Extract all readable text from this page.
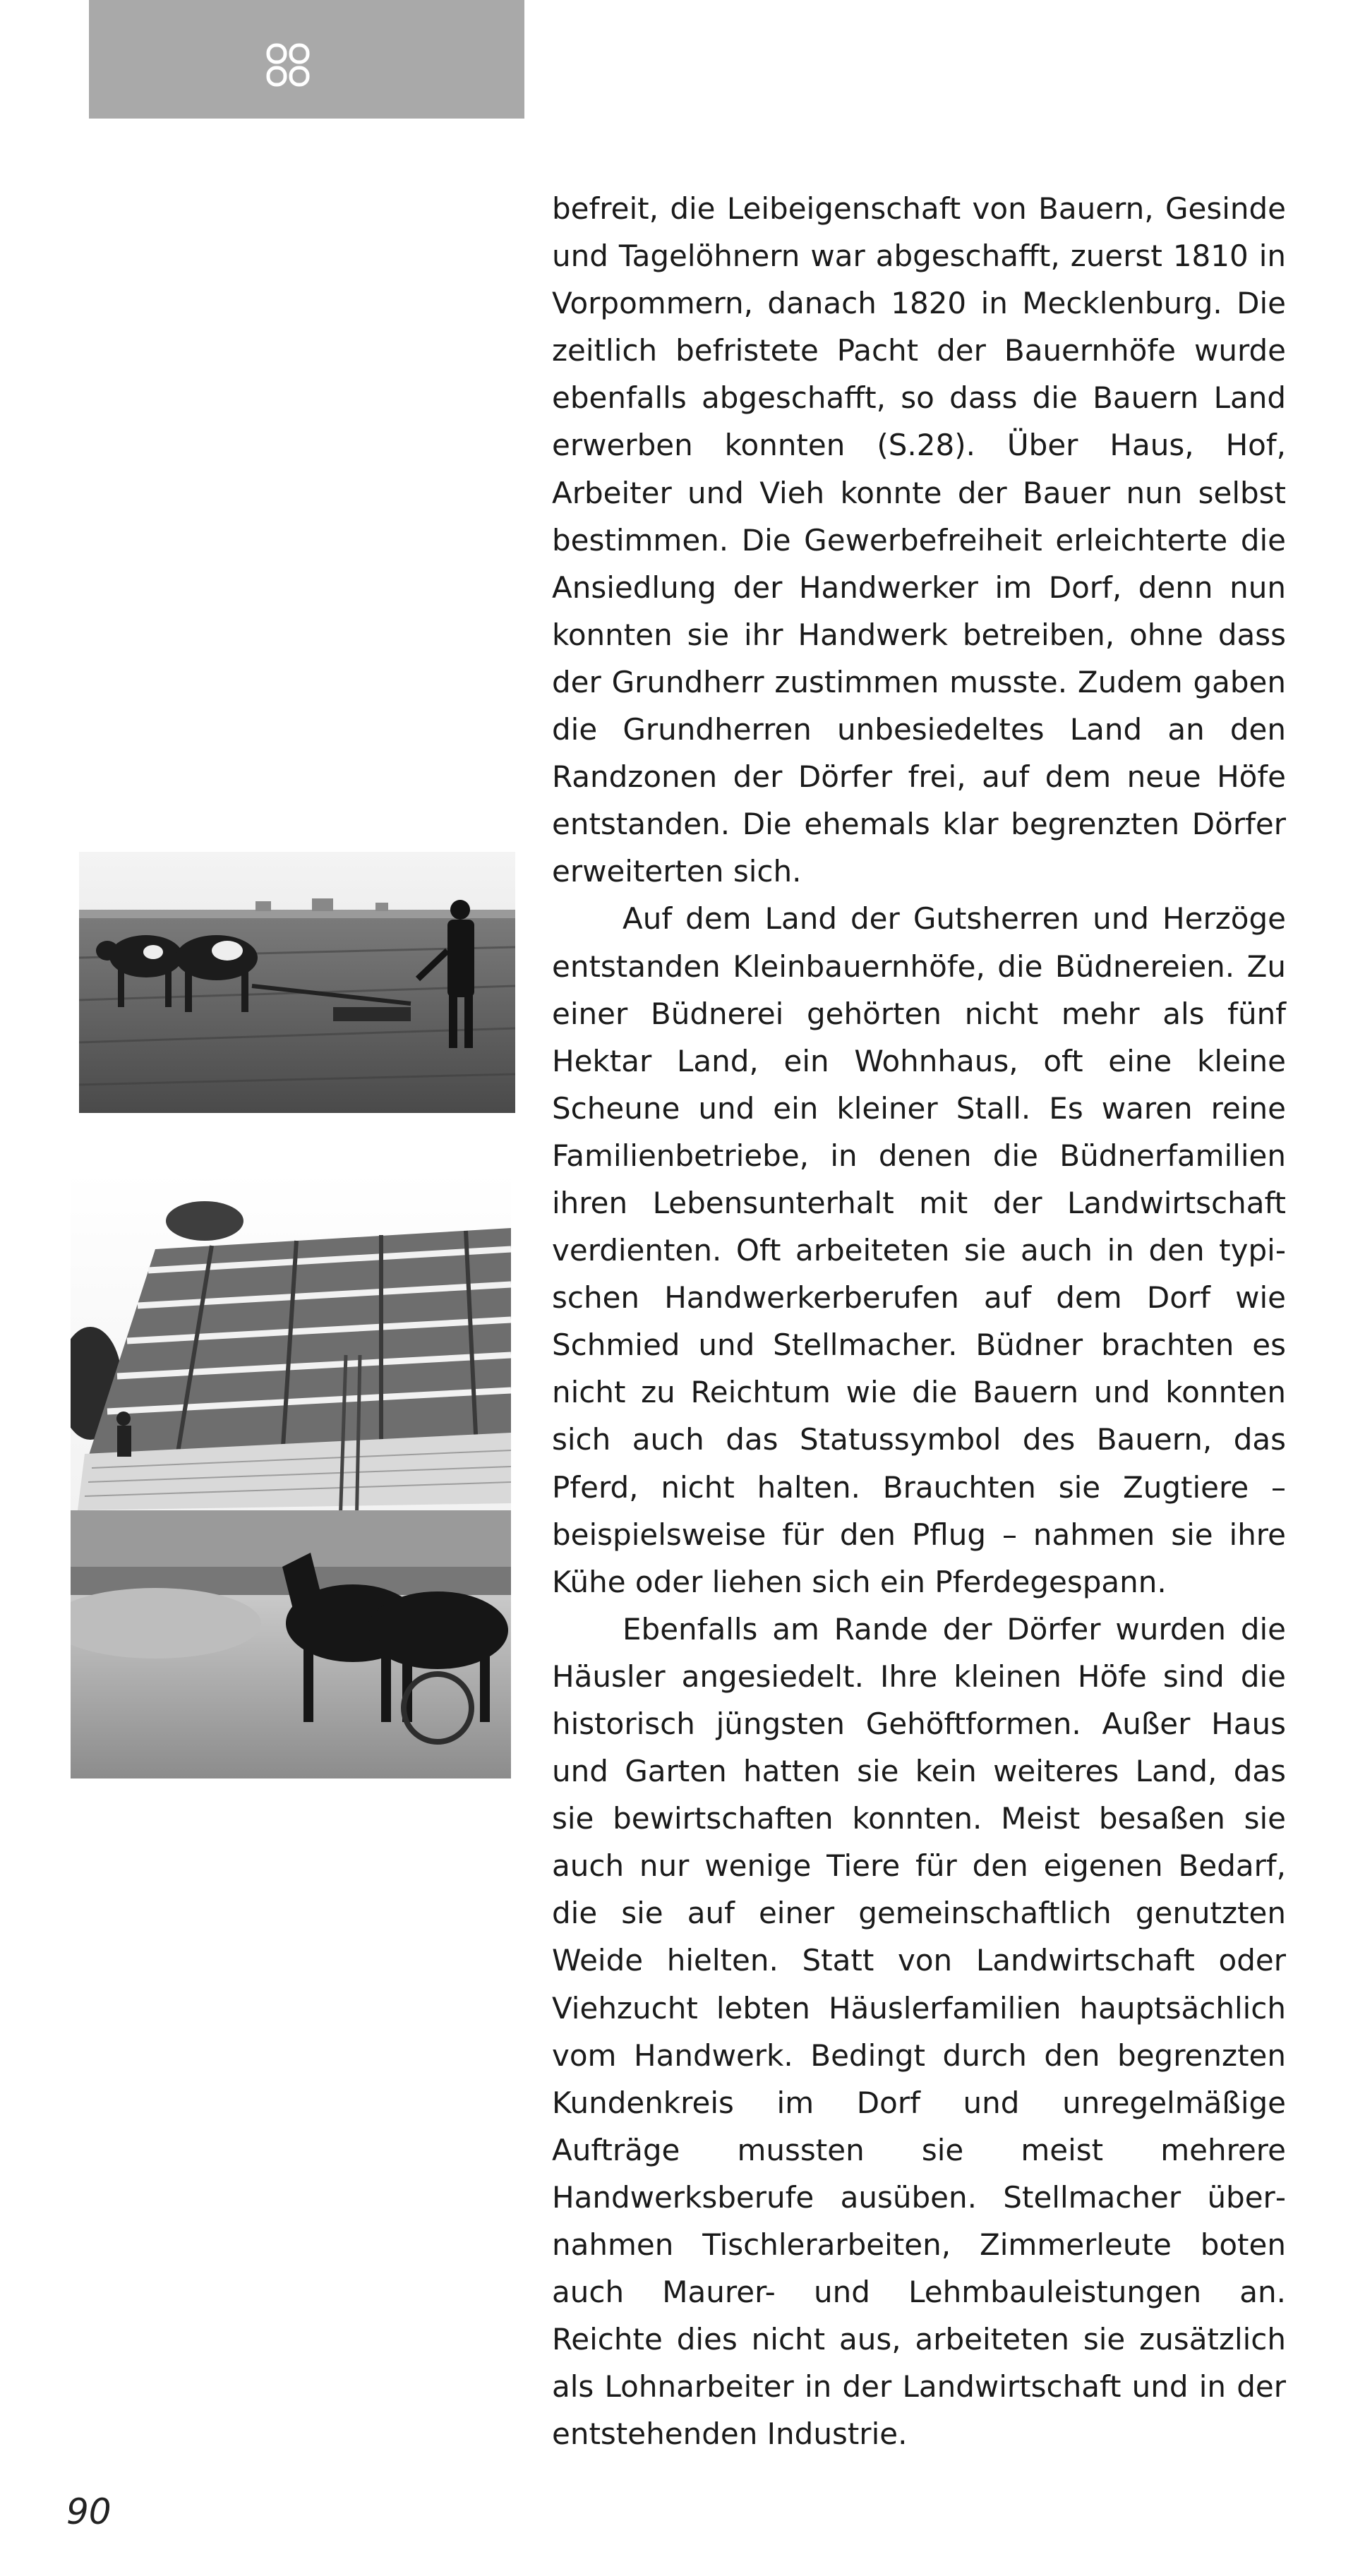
befreit, die Leibeigenschaft von Bauern, Gesinde und Tagelöhnern war abgeschafft, zuerst 1810 in Vorpommern, danach 1820 in Mecklenburg. Die zeitlich befristete Pacht der Bauernhöfe wurde ebenfalls abgeschafft, so dass die Bauern Land erwerben konnten (S.28). Über Haus, Hof, Arbeiter und Vieh konnte der Bauer nun selbst bestimmen. Die Gewerbefreiheit erleichterte die Ansiedlung der Handwerker im Dorf, denn nun konnten sie ihr Handwerk betreiben, ohne dass der Grundherr zustimmen musste. Zudem gaben die Grundherren unbesiedeltes Land an den Randzonen der Dörfer frei, auf dem neue Höfe entstanden. Die ehemals klar begrenzten Dörfer erweiterten sich.

Auf dem Land der Gutsherren und Herzöge entstanden Kleinbauernhöfe, die Büdnereien. Zu einer Büdnerei gehörten nicht mehr als fünf Hektar Land, ein Wohnhaus, oft eine kleine Scheune und ein kleiner Stall. Es waren reine Familienbetriebe, in denen die Büdnerfamilien ihren Lebensunterhalt mit der Landwirtschaft verdienten. Oft arbeiteten sie auch in den typischen Handwerkerberufen auf dem Dorf wie Schmied und Stellmacher. Büdner brachten es nicht zu Reichtum wie die Bauern und konnten sich auch das Statussymbol des Bauern, das Pferd, nicht halten. Brauchten sie Zugtiere – beispielsweise für den Pflug – nahmen sie ihre Kühe oder liehen sich ein Pferdegespann.

Ebenfalls am Rande der Dörfer wurden die Häusler angesiedelt. Ihre kleinen Höfe sind die historisch jüngsten Gehöftformen. Außer Haus und Garten hatten sie kein weiteres Land, das sie bewirtschaften konnten. Meist besaßen sie auch nur wenige Tiere für den eigenen Bedarf, die sie auf einer gemeinschaftlich genutzten Weide hielten. Statt von Landwirtschaft oder Viehzucht lebten Häuslerfamilien hauptsächlich vom Handwerk. Bedingt durch den begrenzten Kundenkreis im Dorf und unregelmäßige Aufträge mussten sie meist mehrere Handwerksberufe ausüben. Stellmacher übernahmen Tischlerarbeiten, Zimmerleute boten auch Maurer- und Lehmbauleistungen an. Reichte dies nicht aus, arbeiteten sie zusätzlich als Lohnarbeiter in der Landwirtschaft und in der entstehenden Industrie.

90
